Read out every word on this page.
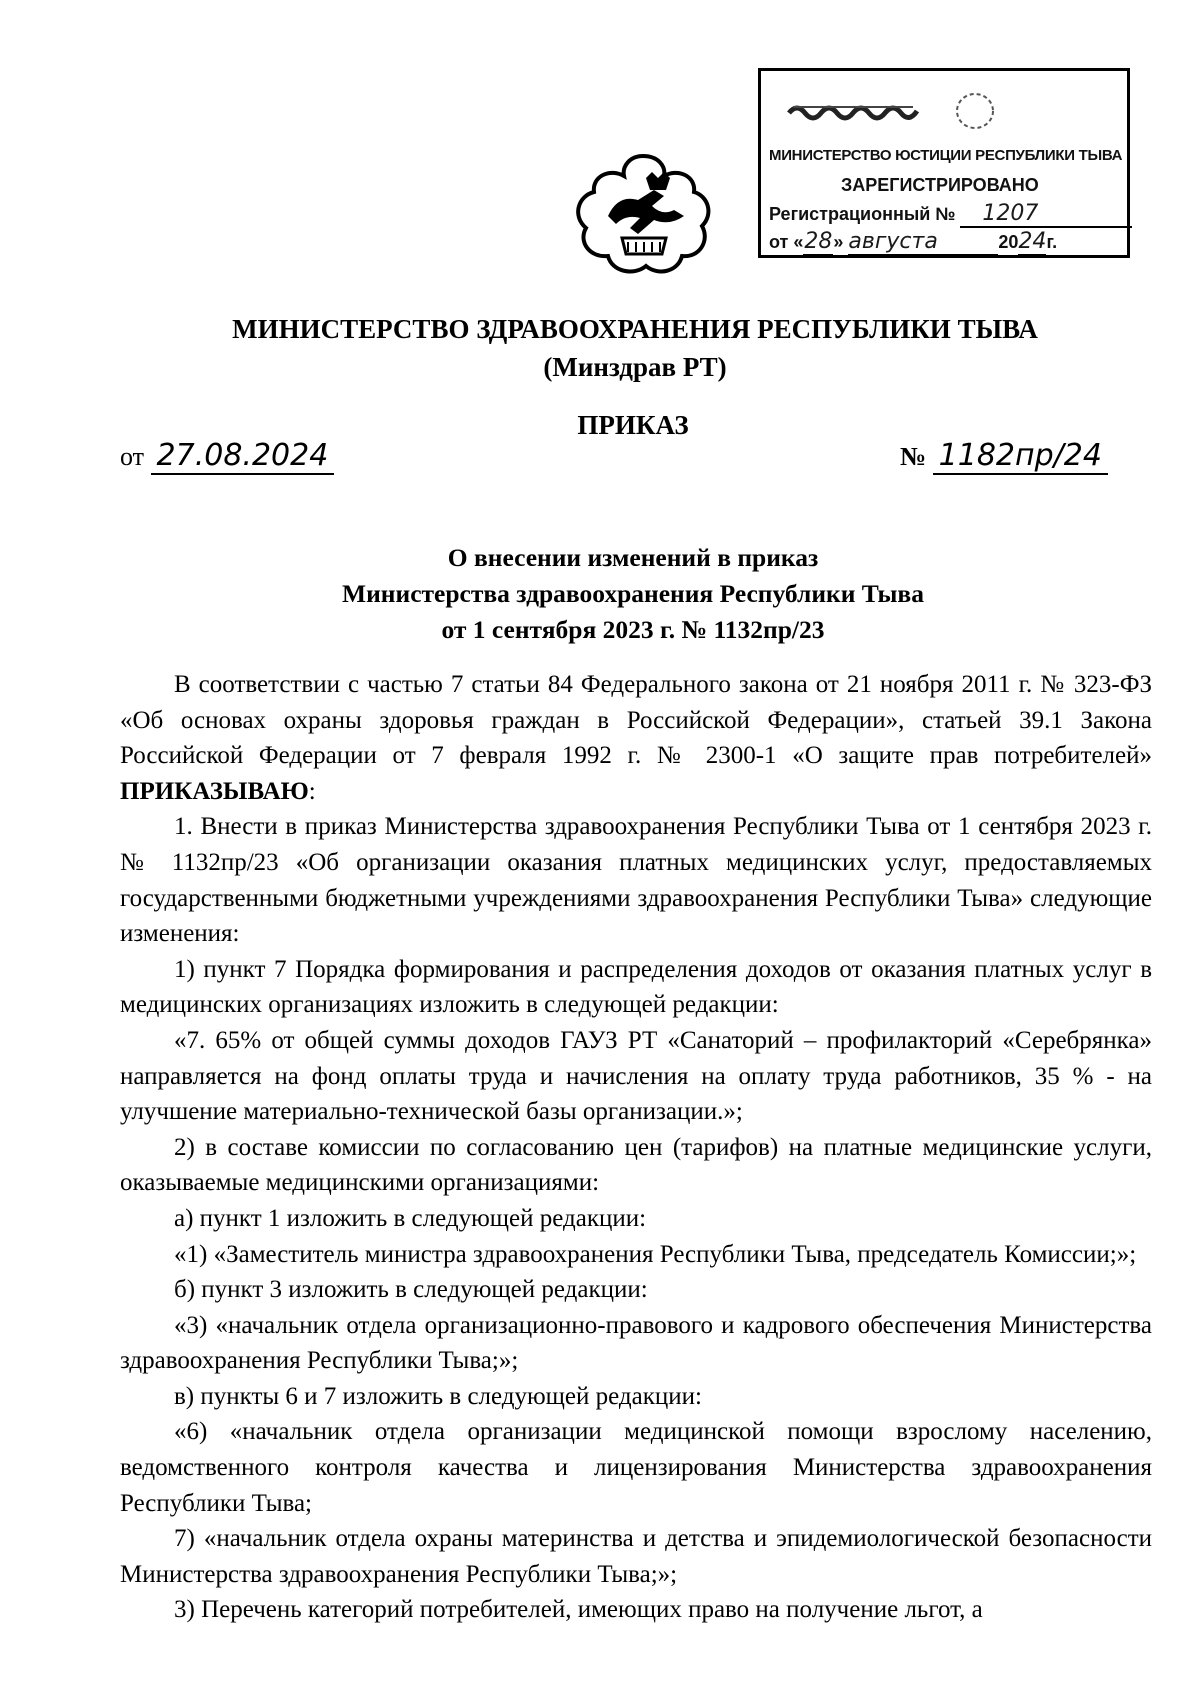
МИНИСТЕРСТВО ЮСТИЦИИ РЕСПУБЛИКИ ТЫВА
ЗАРЕГИСТРИРОВАНО
Регистрационный № 1207
от «28» августа	2024г.
МИНИСТЕРСТВО ЗДРАВООХРАНЕНИЯ РЕСПУБЛИКИ ТЫВА
(Минздрав РТ)
ПРИКАЗ
от 27.08.2024	№ 1182пр/24
О внесении изменений в приказ
Министерства здравоохранения Республики Тыва
от 1 сентября 2023 г. № 1132пр/23

В соответствии с частью 7 статьи 84 Федерального закона от 21 ноября 2011 г. № 323-ФЗ «Об основах охраны здоровья граждан в Российской Федерации», статьей 39.1 Закона Российской Федерации от 7 февраля 1992 г. № 2300-1 «О защите прав потребителей» ПРИКАЗЫВАЮ:

1. Внести в приказ Министерства здравоохранения Республики Тыва от 1 сентября 2023 г. № 1132пр/23 «Об организации оказания платных медицинских услуг, предоставляемых государственными бюджетными учреждениями здравоохранения Республики Тыва» следующие изменения:

1) пункт 7 Порядка формирования и распределения доходов от оказания платных услуг в медицинских организациях изложить в следующей редакции:

«7. 65% от общей суммы доходов ГАУЗ РТ «Санаторий – профилакторий «Серебрянка» направляется на фонд оплаты труда и начисления на оплату труда работников, 35 % - на улучшение материально-технической базы организации.»;

2) в составе комиссии по согласованию цен (тарифов) на платные медицинские услуги, оказываемые медицинскими организациями:

а) пункт 1 изложить в следующей редакции:

«1) «Заместитель министра здравоохранения Республики Тыва, председатель Комиссии;»;

б) пункт 3 изложить в следующей редакции:

«3) «начальник отдела организационно-правового и кадрового обеспечения Министерства здравоохранения Республики Тыва;»;

в) пункты 6 и 7 изложить в следующей редакции:

«6) «начальник отдела организации медицинской помощи взрослому населению, ведомственного контроля качества и лицензирования Министерства здравоохранения Республики Тыва;

7) «начальник отдела охраны материнства и детства и эпидемиологической безопасности Министерства здравоохранения Республики Тыва;»;

3) Перечень категорий потребителей, имеющих право на получение льгот, а
